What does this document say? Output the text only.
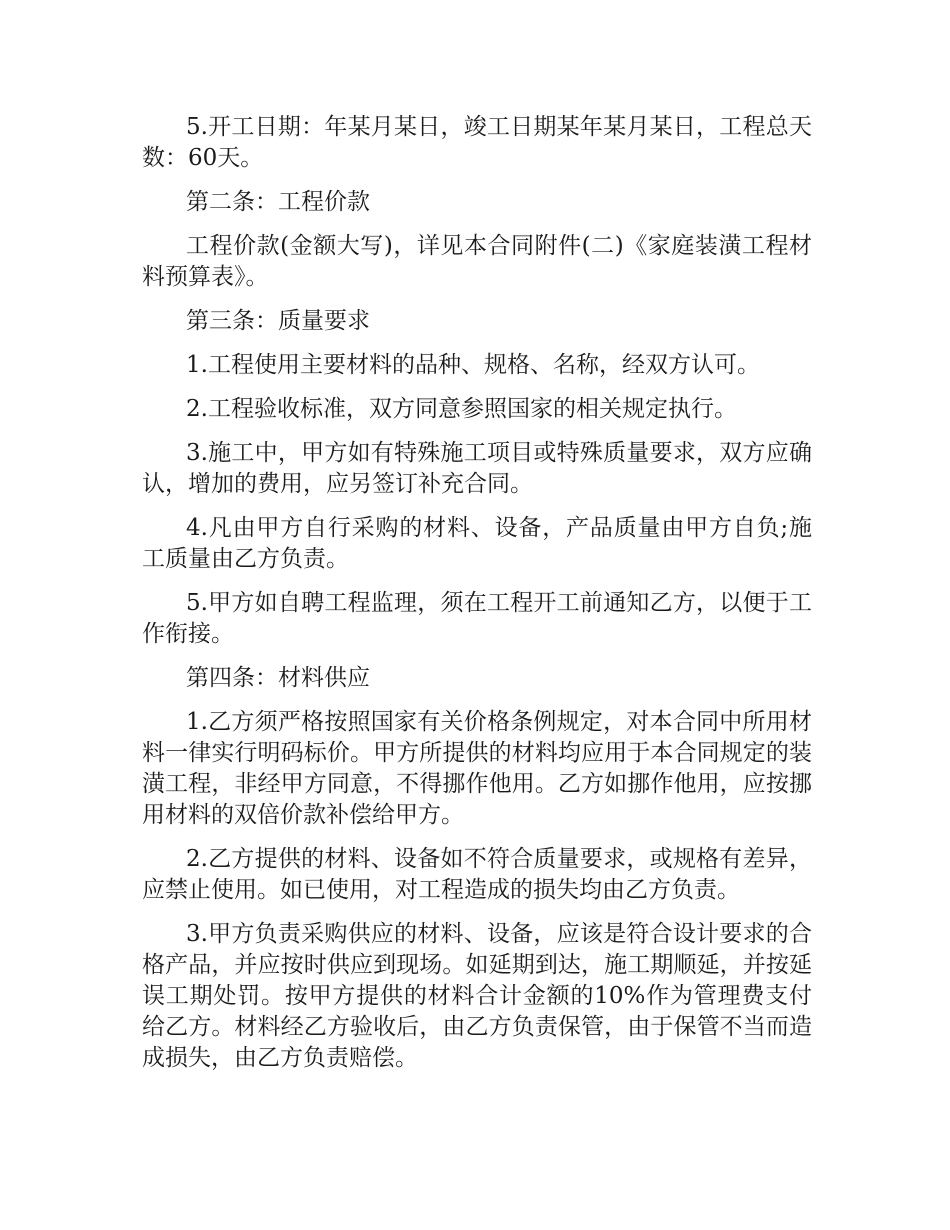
5.开工日期：年某月某日，竣工日期某年某月某日，工程总天数：60天。

第二条：工程价款

工程价款(金额大写)，详见本合同附件(二)《家庭装潢工程材料预算表》。

第三条：质量要求

1.工程使用主要材料的品种、规格、名称，经双方认可。

2.工程验收标准，双方同意参照国家的相关规定执行。

3.施工中，甲方如有特殊施工项目或特殊质量要求，双方应确认，增加的费用，应另签订补充合同。

4.凡由甲方自行采购的材料、设备，产品质量由甲方自负;施工质量由乙方负责。

5.甲方如自聘工程监理，须在工程开工前通知乙方，以便于工作衔接。

第四条：材料供应

1.乙方须严格按照国家有关价格条例规定，对本合同中所用材料一律实行明码标价。甲方所提供的材料均应用于本合同规定的装潢工程，非经甲方同意，不得挪作他用。乙方如挪作他用，应按挪用材料的双倍价款补偿给甲方。

2.乙方提供的材料、设备如不符合质量要求，或规格有差异，应禁止使用。如已使用，对工程造成的损失均由乙方负责。

3.甲方负责采购供应的材料、设备，应该是符合设计要求的合格产品，并应按时供应到现场。如延期到达，施工期顺延，并按延误工期处罚。按甲方提供的材料合计金额的10%作为管理费支付给乙方。材料经乙方验收后，由乙方负责保管，由于保管不当而造成损失，由乙方负责赔偿。
